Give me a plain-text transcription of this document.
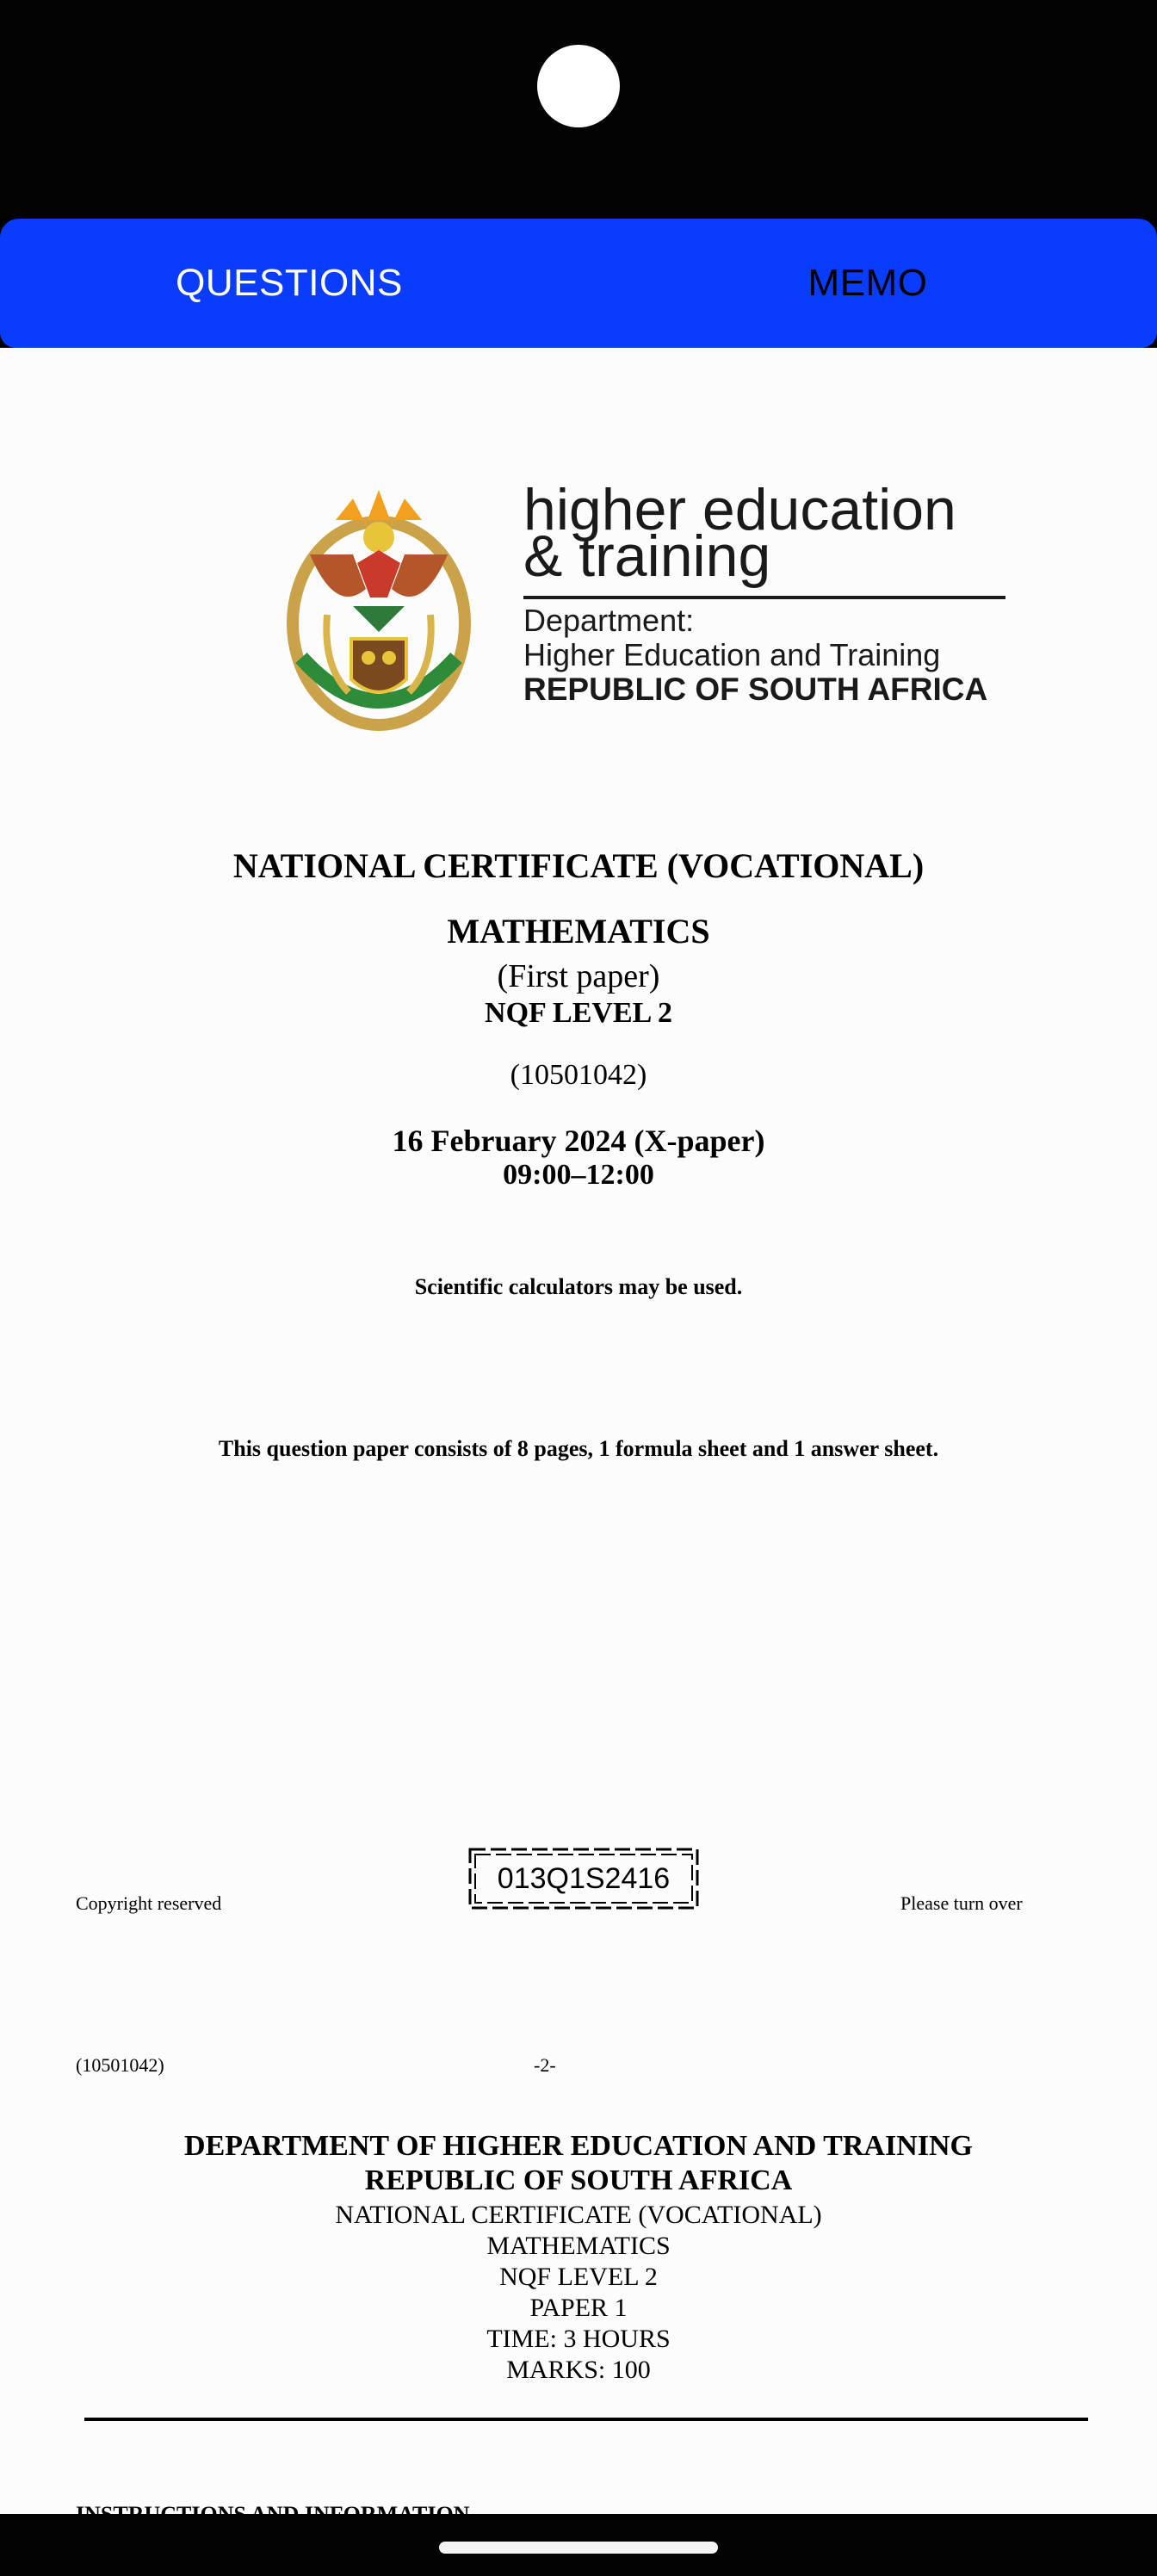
QUESTIONS	MEMO
higher education
& training
Department:
Higher Education and Training
REPUBLIC OF SOUTH AFRICA
NATIONAL CERTIFICATE (VOCATIONAL)
MATHEMATICS
(First paper)
NQF LEVEL 2
(10501042)
16 February 2024 (X-paper)
09:00–12:00
Scientific calculators may be used.
This question paper consists of 8 pages, 1 formula sheet and 1 answer sheet.
Copyright reserved
013Q1S2416
Please turn over
(10501042)	-2-
DEPARTMENT OF HIGHER EDUCATION AND TRAINING
REPUBLIC OF SOUTH AFRICA
NATIONAL CERTIFICATE (VOCATIONAL)
MATHEMATICS
NQF LEVEL 2
PAPER 1
TIME: 3 HOURS
MARKS: 100
